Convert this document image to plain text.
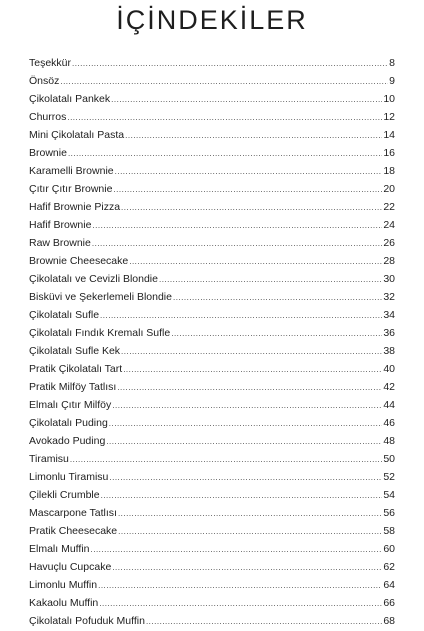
İÇİNDEKİLER
Teşekkür .....	8
Önsöz .....	9
Çikolatalı Pankek .....	10
Churros .....	12
Mini Çikolatalı Pasta .....	14
Brownie .....	16
Karamelli Brownie .....	18
Çıtır Çıtır Brownie .....	20
Hafif Brownie Pizza .....	22
Hafif Brownie .....	24
Raw Brownie .....	26
Brownie Cheesecake .....	28
Çikolatalı ve Cevizli Blondie .....	30
Bisküvi ve Şekerlemeli Blondie .....	32
Çikolatalı Sufle .....	34
Çikolatalı Fındık Kremalı Sufle .....	36
Çikolatalı Sufle Kek .....	38
Pratik Çikolatalı Tart .....	40
Pratik Milföy Tatlısı .....	42
Elmalı Çıtır Milföy .....	44
Çikolatalı Puding .....	46
Avokado Puding .....	48
Tiramisu .....	50
Limonlu Tiramisu .....	52
Çilekli Crumble .....	54
Mascarpone Tatlısı .....	56
Pratik Cheesecake .....	58
Elmalı Muffin .....	60
Havuçlu Cupcake .....	62
Limonlu Muffin .....	64
Kakaolu Muffin .....	66
Çikolatalı Pofuduk Muffin .....	68
